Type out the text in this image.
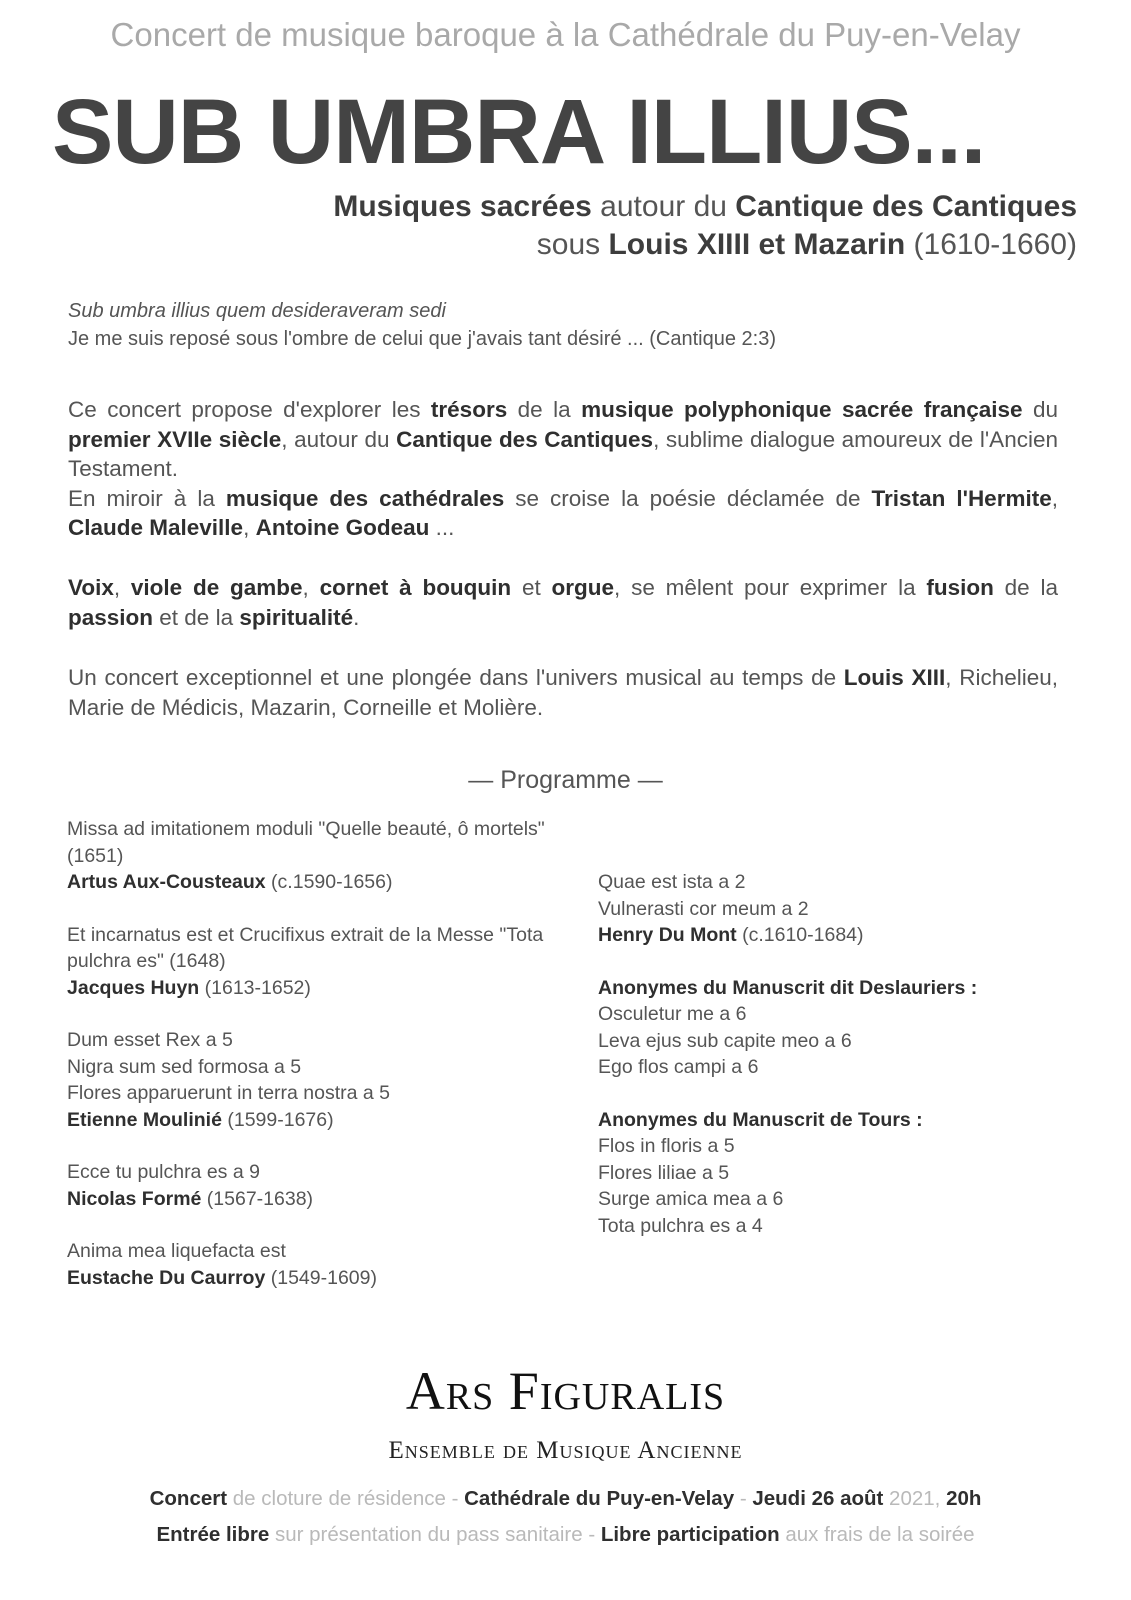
Concert de musique baroque à la Cathédrale du Puy-en-Velay
SUB UMBRA ILLIUS...
Musiques sacrées autour du Cantique des Cantiques
sous Louis XIIII et Mazarin (1610-1660)
Sub umbra illius quem desideraveram sedi
Je me suis reposé sous l'ombre de celui que j'avais tant désiré ... (Cantique 2:3)
Ce concert propose d'explorer les trésors de la musique polyphonique sacrée française du premier XVIIe siècle, autour du Cantique des Cantiques, sublime dialogue amoureux de l'Ancien Testament.
En miroir à la musique des cathédrales se croise la poésie déclamée de Tristan l'Hermite, Claude Maleville, Antoine Godeau ...
Voix, viole de gambe, cornet à bouquin et orgue, se mêlent pour exprimer la fusion de la passion et de la spiritualité.
Un concert exceptionnel et une plongée dans l'univers musical au temps de Louis XIII, Richelieu, Marie de Médicis, Mazarin, Corneille et Molière.
— Programme —
Missa ad imitationem moduli "Quelle beauté, ô mortels" (1651)
Artus Aux-Cousteaux (c.1590-1656)
Et incarnatus est et Crucifixus extrait de la Messe "Tota pulchra es" (1648)
Jacques Huyn (1613-1652)
Dum esset Rex a 5
Nigra sum sed formosa a 5
Flores apparuerunt in terra nostra a 5
Etienne Moulinié (1599-1676)
Ecce tu pulchra es a 9
Nicolas Formé (1567-1638)
Anima mea liquefacta est
Eustache Du Caurroy (1549-1609)
Quae est ista a 2
Vulnerasti cor meum a 2
Henry Du Mont (c.1610-1684)
Anonymes du Manuscrit dit Deslauriers :
Osculetur me a 6
Leva ejus sub capite meo a 6
Ego flos campi a 6
Anonymes du Manuscrit de Tours :
Flos in floris a 5
Flores liliae a 5
Surge amica mea a 6
Tota pulchra es a 4
Ars Figuralis
Ensemble de Musique Ancienne
Concert de cloture de résidence - Cathédrale du Puy-en-Velay - Jeudi 26 août 2021, 20h
Entrée libre sur présentation du pass sanitaire - Libre participation aux frais de la soirée
